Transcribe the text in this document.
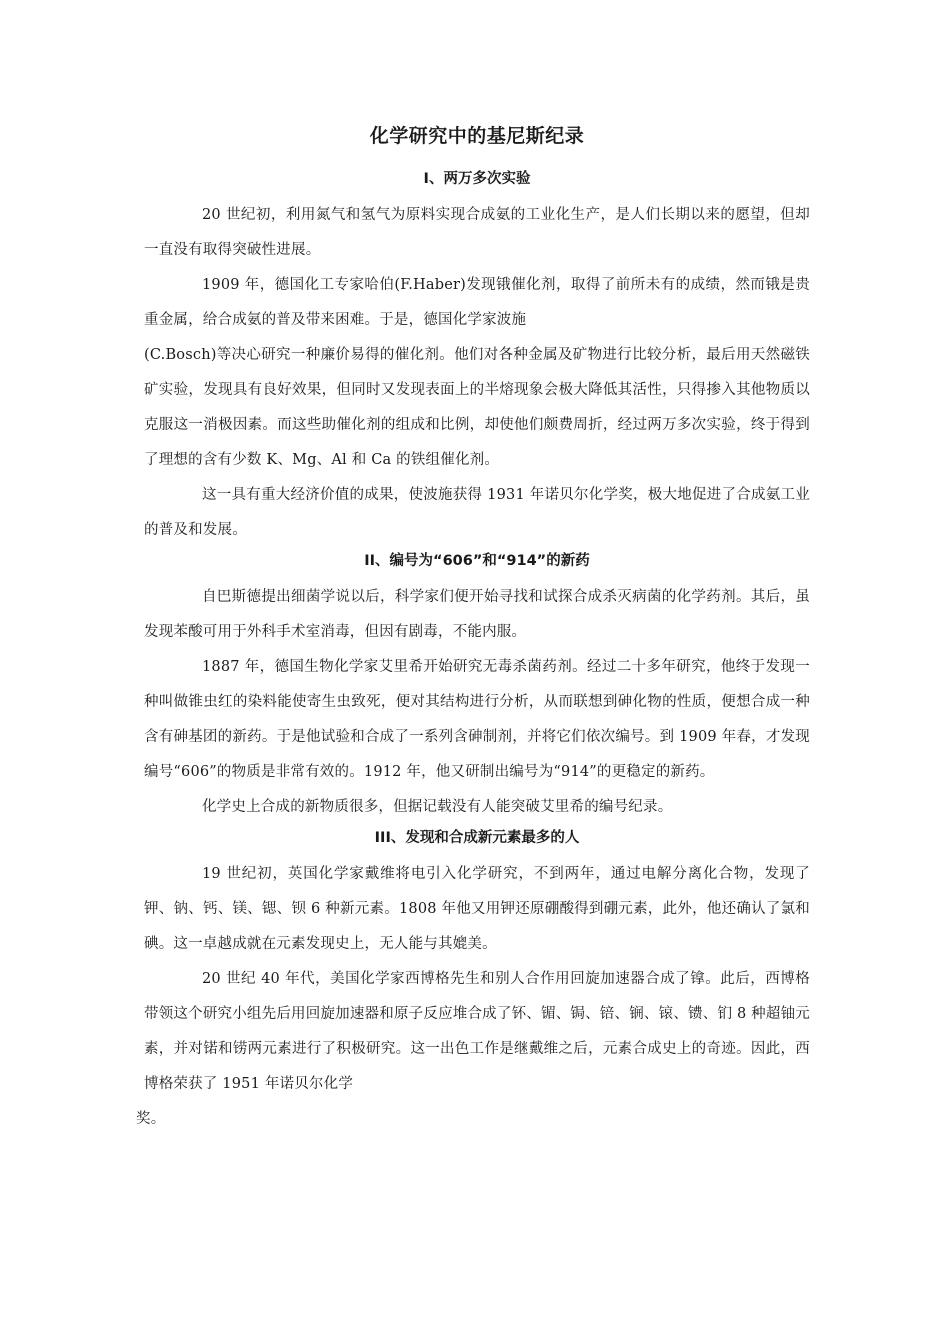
化学研究中的基尼斯纪录
I、两万多次实验

20 世纪初，利用氮气和氢气为原料实现合成氨的工业化生产，是人们长期以来的愿望，但却一直没有取得突破性进展。

1909 年，德国化工专家哈伯(F.Haber)发现锇催化剂，取得了前所未有的成绩，然而锇是贵重金属，给合成氨的普及带来困难。于是，德国化学家波施

(C.Bosch)等决心研究一种廉价易得的催化剂。他们对各种金属及矿物进行比较分析，最后用天然磁铁矿实验，发现具有良好效果，但同时又发现表面上的半熔现象会极大降低其活性，只得掺入其他物质以克服这一消极因素。而这些助催化剂的组成和比例，却使他们颇费周折，经过两万多次实验，终于得到了理想的含有少数 K、Mg、Al 和 Ca 的铁组催化剂。

这一具有重大经济价值的成果，使波施获得 1931 年诺贝尔化学奖，极大地促进了合成氨工业的普及和发展。

II、编号为“606”和“914”的新药

自巴斯德提出细菌学说以后，科学家们便开始寻找和试探合成杀灭病菌的化学药剂。其后，虽发现苯酸可用于外科手术室消毒，但因有剧毒，不能内服。

1887 年，德国生物化学家艾里希开始研究无毒杀菌药剂。经过二十多年研究，他终于发现一种叫做锥虫红的染料能使寄生虫致死，便对其结构进行分析，从而联想到砷化物的性质，便想合成一种含有砷基团的新药。于是他试验和合成了一系列含砷制剂，并将它们依次编号。到 1909 年春，才发现编号“606”的物质是非常有效的。1912 年，他又研制出编号为“914”的更稳定的新药。

化学史上合成的新物质很多，但据记载没有人能突破艾里希的编号纪录。

III、发现和合成新元素最多的人

19 世纪初，英国化学家戴维将电引入化学研究，不到两年，通过电解分离化合物，发现了钾、钠、钙、镁、锶、钡 6 种新元素。1808 年他又用钾还原硼酸得到硼元素，此外，他还确认了氯和碘。这一卓越成就在元素发现史上，无人能与其媲美。

20 世纪 40 年代，美国化学家西博格先生和别人合作用回旋加速器合成了镎。此后，西博格带领这个研究小组先后用回旋加速器和原子反应堆合成了钚、镅、锔、锫、锎、锿、镄、钔 8 种超铀元素，并对锘和铹两元素进行了积极研究。这一出色工作是继戴维之后，元素合成史上的奇迹。因此，西博格荣获了 1951 年诺贝尔化学

奖。
